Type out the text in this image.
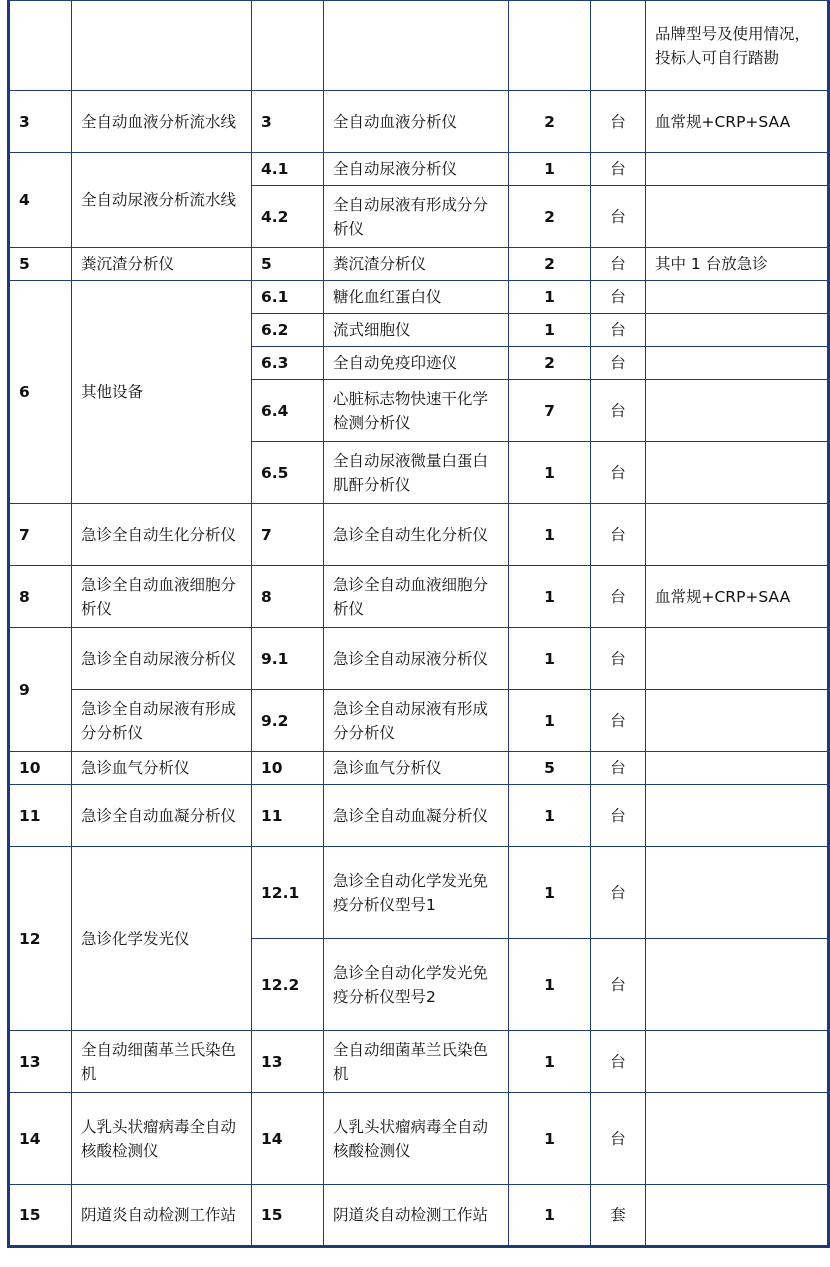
						品牌型号及使用情况，投标人可自行踏勘
3	全自动血液分析流水线	3	全自动血液分析仪	2	台	血常规+CRP+SAA
4	全自动尿液分析流水线	4.1	全自动尿液分析仪	1	台	
		4.2	全自动尿液有形成分分析仪	2	台	
5	粪沉渣分析仪	5	粪沉渣分析仪	2	台	其中 1 台放急诊
6	其他设备	6.1	糖化血红蛋白仪	1	台	
		6.2	流式细胞仪	1	台	
		6.3	全自动免疫印迹仪	2	台	
		6.4	心脏标志物快速干化学检测分析仪	7	台	
		6.5	全自动尿液微量白蛋白肌酐分析仪	1	台	
7	急诊全自动生化分析仪	7	急诊全自动生化分析仪	1	台	
8	急诊全自动血液细胞分析仪	8	急诊全自动血液细胞分析仪	1	台	血常规+CRP+SAA
9	急诊全自动尿液分析仪	9.1	急诊全自动尿液分析仪	1	台	
	急诊全自动尿液有形成分分析仪	9.2	急诊全自动尿液有形成分分析仪	1	台	
10	急诊血气分析仪	10	急诊血气分析仪	5	台	
11	急诊全自动血凝分析仪	11	急诊全自动血凝分析仪	1	台	
12	急诊化学发光仪	12.1	急诊全自动化学发光免疫分析仪型号1	1	台	
		12.2	急诊全自动化学发光免疫分析仪型号2	1	台	
13	全自动细菌革兰氏染色机	13	全自动细菌革兰氏染色机	1	台	
14	人乳头状瘤病毒全自动核酸检测仪	14	人乳头状瘤病毒全自动核酸检测仪	1	台	
15	阴道炎自动检测工作站	15	阴道炎自动检测工作站	1	套	
